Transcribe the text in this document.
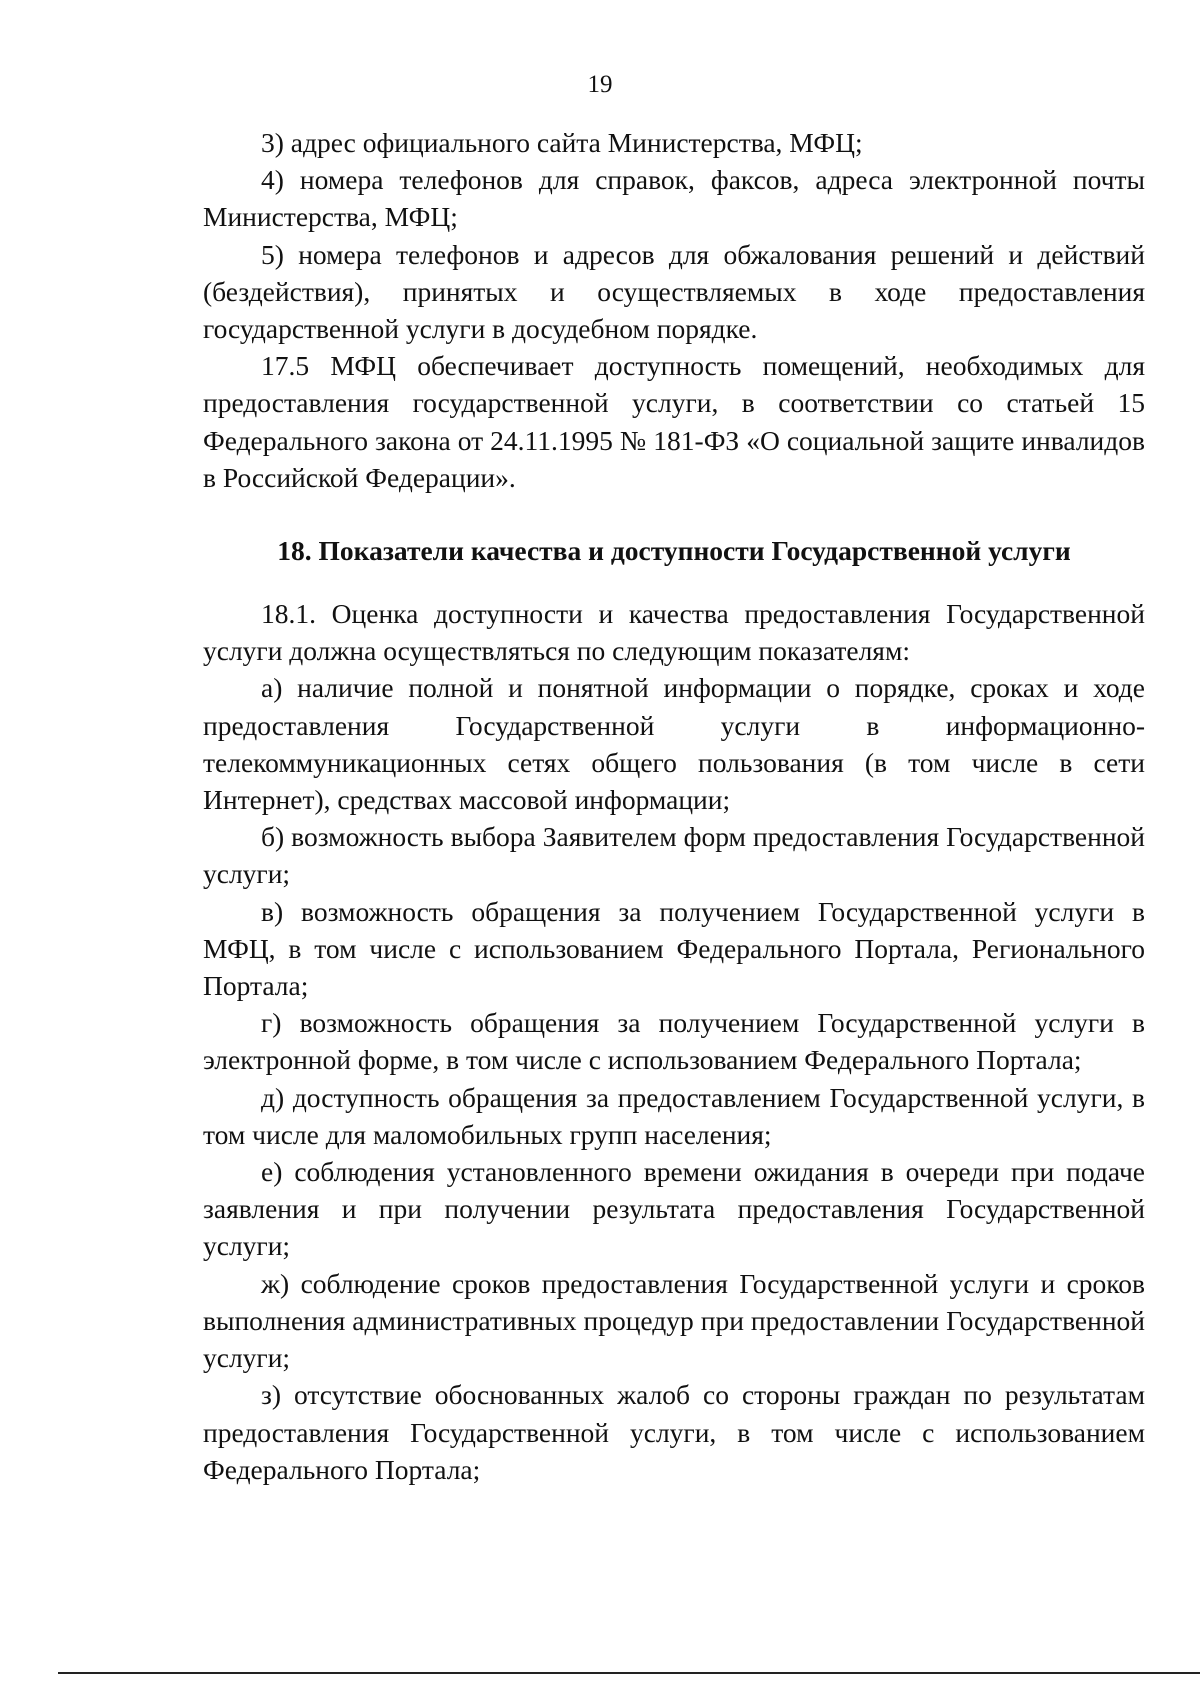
19

3) адрес официального сайта Министерства, МФЦ;

4) номера телефонов для справок, факсов, адреса электронной почты Министерства, МФЦ;

5) номера телефонов и адресов для обжалования решений и действий (бездействия), принятых и осуществляемых в ходе предоставления государственной услуги в досудебном порядке.

17.5 МФЦ обеспечивает доступность помещений, необходимых для предоставления государственной услуги, в соответствии со статьей 15 Федерального закона от 24.11.1995 № 181-ФЗ «О социальной защите инвалидов в Российской Федерации».

18. Показатели качества и доступности Государственной услуги

18.1. Оценка доступности и качества предоставления Государственной услуги должна осуществляться по следующим показателям:

а) наличие полной и понятной информации о порядке, сроках и ходе предоставления Государственной услуги в информационно-телекоммуникационных сетях общего пользования (в том числе в сети Интернет), средствах массовой информации;

б) возможность выбора Заявителем форм предоставления Государственной услуги;

в) возможность обращения за получением Государственной услуги в МФЦ, в том числе с использованием Федерального Портала, Регионального Портала;

г) возможность обращения за получением Государственной услуги в электронной форме, в том числе с использованием Федерального Портала;

д) доступность обращения за предоставлением Государственной услуги, в том числе для маломобильных групп населения;

е) соблюдения установленного времени ожидания в очереди при подаче заявления и при получении результата предоставления Государственной услуги;

ж) соблюдение сроков предоставления Государственной услуги и сроков выполнения административных процедур при предоставлении Государственной услуги;

з) отсутствие обоснованных жалоб со стороны граждан по результатам предоставления Государственной услуги, в том числе с использованием Федерального Портала;
